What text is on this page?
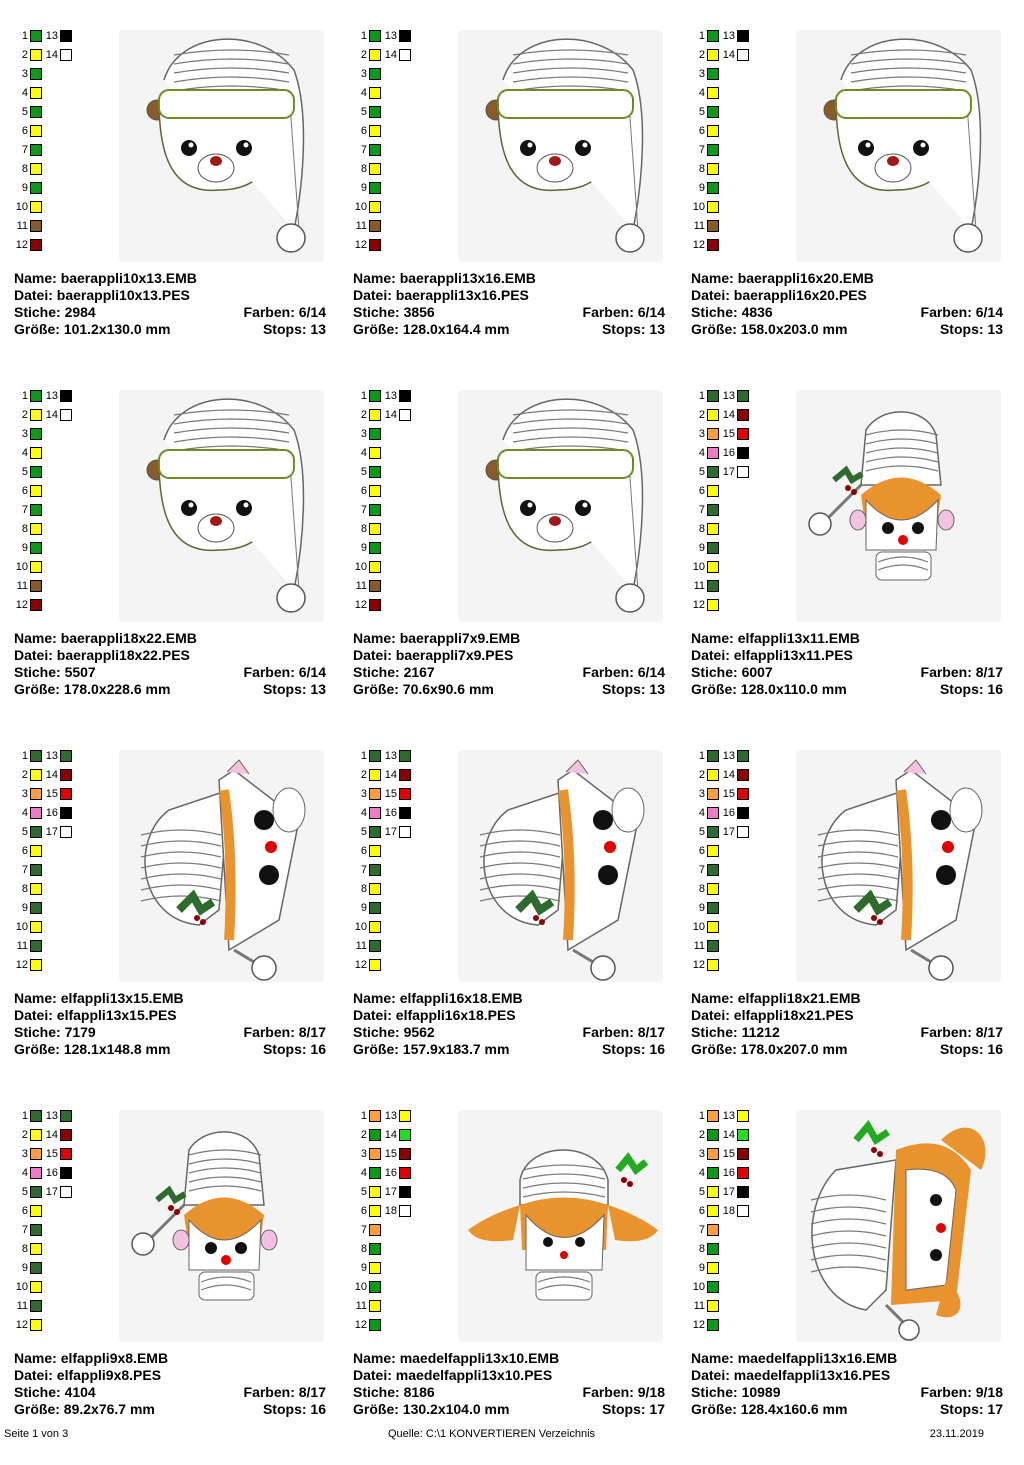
1
2
3
4
5
6
7
8
9
10
11
12
13
14
Name: baerappli10x13.EMB
Datei: baerappli10x13.PES
Stiche: 2984	Farben: 6/14
Größe: 101.2x130.0 mm	Stops: 13
1
2
3
4
5
6
7
8
9
10
11
12
13
14
Name: baerappli13x16.EMB
Datei: baerappli13x16.PES
Stiche: 3856	Farben: 6/14
Größe: 128.0x164.4 mm	Stops: 13
1
2
3
4
5
6
7
8
9
10
11
12
13
14
Name: baerappli16x20.EMB
Datei: baerappli16x20.PES
Stiche: 4836	Farben: 6/14
Größe: 158.0x203.0 mm	Stops: 13
1
2
3
4
5
6
7
8
9
10
11
12
13
14
Name: baerappli18x22.EMB
Datei: baerappli18x22.PES
Stiche: 5507	Farben: 6/14
Größe: 178.0x228.6 mm	Stops: 13
1
2
3
4
5
6
7
8
9
10
11
12
13
14
Name: baerappli7x9.EMB
Datei: baerappli7x9.PES
Stiche: 2167	Farben: 6/14
Größe: 70.6x90.6 mm	Stops: 13
1
2
3
4
5
6
7
8
9
10
11
12
13
14
15
16
17
Name: elfappli13x11.EMB
Datei: elfappli13x11.PES
Stiche: 6007	Farben: 8/17
Größe: 128.0x110.0 mm	Stops: 16
1
2
3
4
5
6
7
8
9
10
11
12
13
14
15
16
17
Name: elfappli13x15.EMB
Datei: elfappli13x15.PES
Stiche: 7179	Farben: 8/17
Größe: 128.1x148.8 mm	Stops: 16
1
2
3
4
5
6
7
8
9
10
11
12
13
14
15
16
17
Name: elfappli16x18.EMB
Datei: elfappli16x18.PES
Stiche: 9562	Farben: 8/17
Größe: 157.9x183.7 mm	Stops: 16
1
2
3
4
5
6
7
8
9
10
11
12
13
14
15
16
17
Name: elfappli18x21.EMB
Datei: elfappli18x21.PES
Stiche: 11212	Farben: 8/17
Größe: 178.0x207.0 mm	Stops: 16
1
2
3
4
5
6
7
8
9
10
11
12
13
14
15
16
17
Name: elfappli9x8.EMB
Datei: elfappli9x8.PES
Stiche: 4104	Farben: 8/17
Größe: 89.2x76.7 mm	Stops: 16
1
2
3
4
5
6
7
8
9
10
11
12
13
14
15
16
17
18
Name: maedelfappli13x10.EMB
Datei: maedelfappli13x10.PES
Stiche: 8186	Farben: 9/18
Größe: 130.2x104.0 mm	Stops: 17
1
2
3
4
5
6
7
8
9
10
11
12
13
14
15
16
17
18
Name: maedelfappli13x16.EMB
Datei: maedelfappli13x16.PES
Stiche: 10989	Farben: 9/18
Größe: 128.4x160.6 mm	Stops: 17
Seite 1 von 3	Quelle: C:\1 KONVERTIEREN Verzeichnis	23.11.2019
